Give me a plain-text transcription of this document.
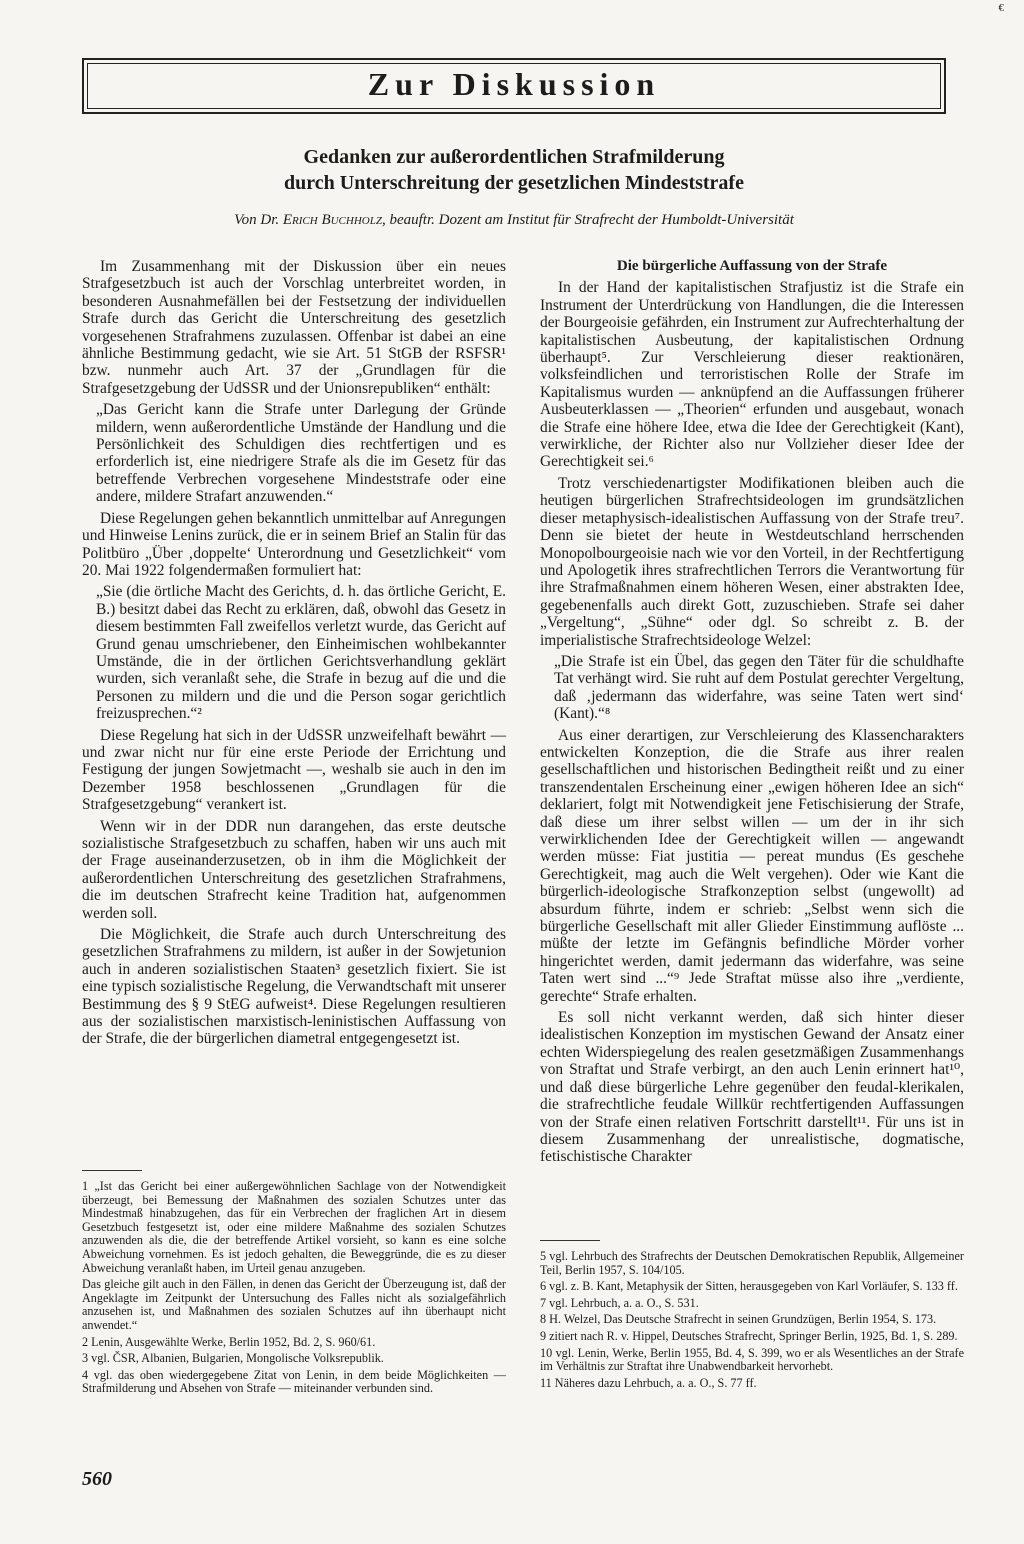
€
Zur Diskussion
Gedanken zur außerordentlichen Strafmilderung
durch Unterschreitung der gesetzlichen Mindeststrafe
Von Dr. Erich Buchholz, beauftr. Dozent am Institut für Strafrecht der Humboldt-Universität

Im Zusammenhang mit der Diskussion über ein neues Strafgesetzbuch ist auch der Vorschlag unterbreitet worden, in besonderen Ausnahmefällen bei der Festsetzung der individuellen Strafe durch das Gericht die Unterschreitung des gesetzlich vorgesehenen Strafrahmens zuzulassen. Offenbar ist dabei an eine ähnliche Bestimmung gedacht, wie sie Art. 51 StGB der RSFSR¹ bzw. nunmehr auch Art. 37 der „Grundlagen für die Strafgesetzgebung der UdSSR und der Unionsrepubliken“ enthält:

„Das Gericht kann die Strafe unter Darlegung der Gründe mildern, wenn außerordentliche Umstände der Handlung und die Persönlichkeit des Schuldigen dies rechtfertigen und es erforderlich ist, eine niedrigere Strafe als die im Gesetz für das betreffende Verbrechen vorgesehene Mindeststrafe oder eine andere, mildere Strafart anzuwenden.“

Diese Regelungen gehen bekanntlich unmittelbar auf Anregungen und Hinweise Lenins zurück, die er in seinem Brief an Stalin für das Politbüro „Über ‚doppelte‘ Unterordnung und Gesetzlichkeit“ vom 20. Mai 1922 folgendermaßen formuliert hat:

„Sie (die örtliche Macht des Gerichts, d. h. das örtliche Gericht, E. B.) besitzt dabei das Recht zu erklären, daß, obwohl das Gesetz in diesem bestimmten Fall zweifellos verletzt wurde, das Gericht auf Grund genau umschriebener, den Einheimischen wohlbekannter Umstände, die in der örtlichen Gerichtsverhandlung geklärt wurden, sich veranlaßt sehe, die Strafe in bezug auf die und die Personen zu mildern und die und die Person sogar gerichtlich freizusprechen.“²

Diese Regelung hat sich in der UdSSR unzweifelhaft bewährt — und zwar nicht nur für eine erste Periode der Errichtung und Festigung der jungen Sowjetmacht —, weshalb sie auch in den im Dezember 1958 beschlossenen „Grundlagen für die Strafgesetzgebung“ verankert ist.

Wenn wir in der DDR nun darangehen, das erste deutsche sozialistische Strafgesetzbuch zu schaffen, haben wir uns auch mit der Frage auseinanderzusetzen, ob in ihm die Möglichkeit der außerordentlichen Unterschreitung des gesetzlichen Strafrahmens, die im deutschen Strafrecht keine Tradition hat, aufgenommen werden soll.

Die Möglichkeit, die Strafe auch durch Unterschreitung des gesetzlichen Strafrahmens zu mildern, ist außer in der Sowjetunion auch in anderen sozialistischen Staaten³ gesetzlich fixiert. Sie ist eine typisch sozialistische Regelung, die Verwandtschaft mit unserer Bestimmung des § 9 StEG aufweist⁴. Diese Regelungen resultieren aus der sozialistischen marxistisch-leninistischen Auffassung von der Strafe, die der bürgerlichen diametral entgegengesetzt ist.

Die bürgerliche Auffassung von der Strafe

In der Hand der kapitalistischen Strafjustiz ist die Strafe ein Instrument der Unterdrückung von Handlungen, die die Interessen der Bourgeoisie gefährden, ein Instrument zur Aufrechterhaltung der kapitalistischen Ausbeutung, der kapitalistischen Ordnung überhaupt⁵. Zur Verschleierung dieser reaktionären, volksfeindlichen und terroristischen Rolle der Strafe im Kapitalismus wurden — anknüpfend an die Auffassungen früherer Ausbeuterklassen — „Theorien“ erfunden und ausgebaut, wonach die Strafe eine höhere Idee, etwa die Idee der Gerechtigkeit (Kant), verwirkliche, der Richter also nur Vollzieher dieser Idee der Gerechtigkeit sei.⁶

Trotz verschiedenartigster Modifikationen bleiben auch die heutigen bürgerlichen Strafrechtsideologen im grundsätzlichen dieser metaphysisch-idealistischen Auffassung von der Strafe treu⁷. Denn sie bietet der heute in Westdeutschland herrschenden Monopolbourgeoisie nach wie vor den Vorteil, in der Rechtfertigung und Apologetik ihres strafrechtlichen Terrors die Verantwortung für ihre Strafmaßnahmen einem höheren Wesen, einer abstrakten Idee, gegebenenfalls auch direkt Gott, zuzuschieben. Strafe sei daher „Vergeltung“, „Sühne“ oder dgl. So schreibt z. B. der imperialistische Strafrechtsideologe Welzel:

„Die Strafe ist ein Übel, das gegen den Täter für die schuldhafte Tat verhängt wird. Sie ruht auf dem Postulat gerechter Vergeltung, daß ‚jedermann das widerfahre, was seine Taten wert sind‘ (Kant).“⁸

Aus einer derartigen, zur Verschleierung des Klassencharakters entwickelten Konzeption, die die Strafe aus ihrer realen gesellschaftlichen und historischen Bedingtheit reißt und zu einer transzendentalen Erscheinung einer „ewigen höheren Idee an sich“ deklariert, folgt mit Notwendigkeit jene Fetischisierung der Strafe, daß diese um ihrer selbst willen — um der in ihr sich verwirklichenden Idee der Gerechtigkeit willen — angewandt werden müsse: Fiat justitia — pereat mundus (Es geschehe Gerechtigkeit, mag auch die Welt vergehen). Oder wie Kant die bürgerlich-ideologische Strafkonzeption selbst (ungewollt) ad absurdum führte, indem er schrieb: „Selbst wenn sich die bürgerliche Gesellschaft mit aller Glieder Einstimmung auflöste ... müßte der letzte im Gefängnis befindliche Mörder vorher hingerichtet werden, damit jedermann das widerfahre, was seine Taten wert sind ...“⁹ Jede Straftat müsse also ihre „verdiente, gerechte“ Strafe erhalten.

Es soll nicht verkannt werden, daß sich hinter dieser idealistischen Konzeption im mystischen Gewand der Ansatz einer echten Widerspiegelung des realen gesetzmäßigen Zusammenhangs von Straftat und Strafe verbirgt, an den auch Lenin erinnert hat¹⁰, und daß diese bürgerliche Lehre gegenüber den feudal-klerikalen, die strafrechtliche feudale Willkür rechtfertigenden Auffassungen von der Strafe einen relativen Fortschritt darstellt¹¹. Für uns ist in diesem Zusammenhang der unrealistische, dogmatische, fetischistische Charakter

1 „Ist das Gericht bei einer außergewöhnlichen Sachlage von der Notwendigkeit überzeugt, bei Bemessung der Maßnahmen des sozialen Schutzes unter das Mindestmaß hinabzugehen, das für ein Verbrechen der fraglichen Art in diesem Gesetzbuch festgesetzt ist, oder eine mildere Maßnahme des sozialen Schutzes anzuwenden als die, die der betreffende Artikel vorsieht, so kann es eine solche Abweichung vornehmen. Es ist jedoch gehalten, die Beweggründe, die es zu dieser Abweichung veranlaßt haben, im Urteil genau anzugeben.

Das gleiche gilt auch in den Fällen, in denen das Gericht der Überzeugung ist, daß der Angeklagte im Zeitpunkt der Untersuchung des Falles nicht als sozialgefährlich anzusehen ist, und Maßnahmen des sozialen Schutzes auf ihn überhaupt nicht anwendet.“

2 Lenin, Ausgewählte Werke, Berlin 1952, Bd. 2, S. 960/61.

3 vgl. ČSR, Albanien, Bulgarien, Mongolische Volksrepublik.

4 vgl. das oben wiedergegebene Zitat von Lenin, in dem beide Möglichkeiten — Strafmilderung und Absehen von Strafe — miteinander verbunden sind.

5 vgl. Lehrbuch des Strafrechts der Deutschen Demokratischen Republik, Allgemeiner Teil, Berlin 1957, S. 104/105.

6 vgl. z. B. Kant, Metaphysik der Sitten, herausgegeben von Karl Vorläufer, S. 133 ff.

7 vgl. Lehrbuch, a. a. O., S. 531.

8 H. Welzel, Das Deutsche Strafrecht in seinen Grundzügen, Berlin 1954, S. 173.

9 zitiert nach R. v. Hippel, Deutsches Strafrecht, Springer Berlin, 1925, Bd. 1, S. 289.

10 vgl. Lenin, Werke, Berlin 1955, Bd. 4, S. 399, wo er als Wesentliches an der Strafe im Verhältnis zur Straftat ihre Unabwendbarkeit hervorhebt.

11 Näheres dazu Lehrbuch, a. a. O., S. 77 ff.

560
